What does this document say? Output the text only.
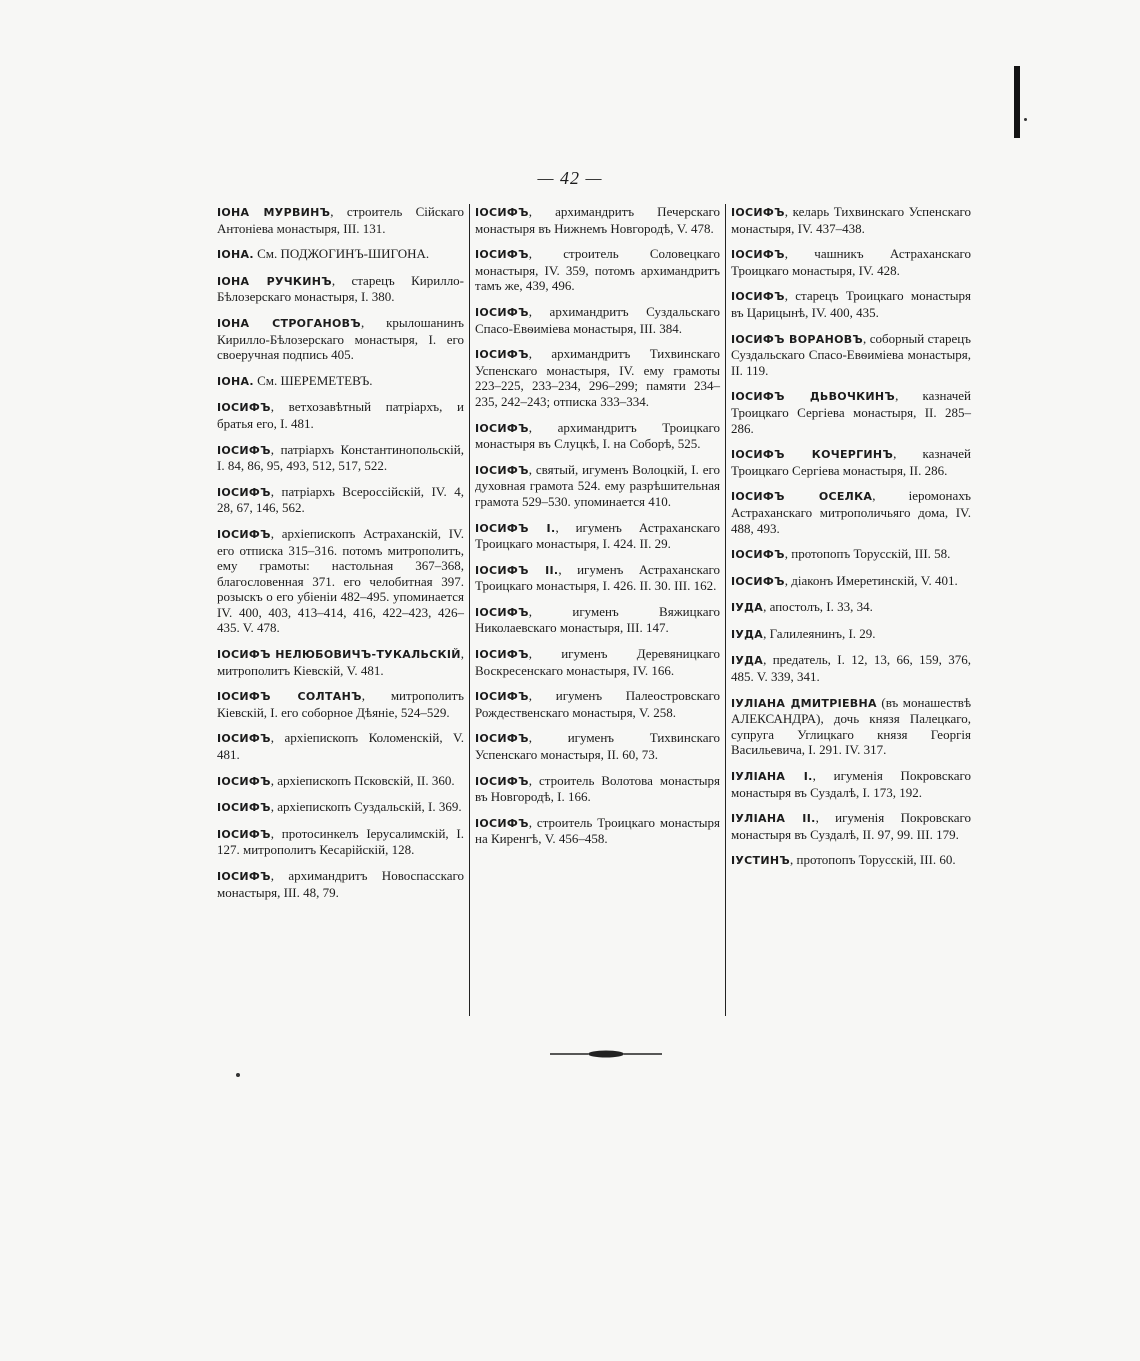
— 42 —

ІОНА МУРВИНЪ, строитель Сійскаго Антоніева монастыря, III. 131.

ІОНА. См. ПОДЖОГИНЪ-ШИГОНА.

ІОНА РУЧКИНЪ, старецъ Кирилло-Бѣлозерскаго монастыря, I. 380.

ІОНА СТРОГАНОВЪ, крылошанинъ Кирилло-Бѣлозерскаго монастыря, I. его своеручная подпись 405.

ІОНА. См. ШЕРЕМЕТЕВЪ.

ІОСИФЪ, ветхозавѣтный патріархъ, и братья его, I. 481.

ІОСИФЪ, патріархъ Константинопольскій, I. 84, 86, 95, 493, 512, 517, 522.

ІОСИФЪ, патріархъ Всероссійскій, IV. 4, 28, 67, 146, 562.

ІОСИФЪ, архіепископъ Астраханскій, IV. его отписка 315–316. потомъ митрополитъ, ему грамоты: настольная 367–368, благословенная 371. его челобитная 397. розыскъ о его убіеніи 482–495. упоминается IV. 400, 403, 413–414, 416, 422–423, 426–435. V. 478.

ІОСИФЪ НЕЛЮБОВИЧЪ-ТУКАЛЬСКІЙ, митрополитъ Кіевскій, V. 481.

ІОСИФЪ СОЛТАНЪ, митрополитъ Кіевскій, I. его соборное Дѣяніе, 524–529.

ІОСИФЪ, архіепископъ Коломенскій, V. 481.

ІОСИФЪ, архіепископъ Псковскій, II. 360.

ІОСИФЪ, архіепископъ Суздальскій, I. 369.

ІОСИФЪ, протосинкелъ Іерусалимскій, I. 127. митрополитъ Кесарійскій, 128.

ІОСИФЪ, архимандритъ Новоспасскаго монастыря, III. 48, 79.

ІОСИФЪ, архимандритъ Печерскаго монастыря въ Нижнемъ Новгородѣ, V. 478.

ІОСИФЪ, строитель Соловецкаго монастыря, IV. 359, потомъ архимандритъ тамъ же, 439, 496.

ІОСИФЪ, архимандритъ Суздальскаго Спасо-Евѳиміева монастыря, III. 384.

ІОСИФЪ, архимандритъ Тихвинскаго Успенскаго монастыря, IV. ему грамоты 223–225, 233–234, 296–299; памяти 234–235, 242–243; отписка 333–334.

ІОСИФЪ, архимандритъ Троицкаго монастыря въ Слуцкѣ, I. на Соборѣ, 525.

ІОСИФЪ, святый, игуменъ Волоцкій, I. его духовная грамота 524. ему разрѣшительная грамота 529–530. упоминается 410.

ІОСИФЪ I., игуменъ Астраханскаго Троицкаго монастыря, I. 424. II. 29.

ІОСИФЪ II., игуменъ Астраханскаго Троицкаго монастыря, I. 426. II. 30. III. 162.

ІОСИФЪ, игуменъ Вяжицкаго Николаевскаго монастыря, III. 147.

ІОСИФЪ, игуменъ Деревяницкаго Воскресенскаго монастыря, IV. 166.

ІОСИФЪ, игуменъ Палеостровскаго Рождественскаго монастыря, V. 258.

ІОСИФЪ, игуменъ Тихвинскаго Успенскаго монастыря, II. 60, 73.

ІОСИФЪ, строитель Волотова монастыря въ Новгородѣ, I. 166.

ІОСИФЪ, строитель Троицкаго монастыря на Киренгѣ, V. 456–458.

ІОСИФЪ, келарь Тихвинскаго Успенскаго монастыря, IV. 437–438.

ІОСИФЪ, чашникъ Астраханскаго Троицкаго монастыря, IV. 428.

ІОСИФЪ, старецъ Троицкаго монастыря въ Царицынѣ, IV. 400, 435.

ІОСИФЪ ВОРАНОВЪ, соборный старецъ Суздальскаго Спасо-Евѳиміева монастыря, II. 119.

ІОСИФЪ ДЬВОЧКИНЪ, казначей Троицкаго Сергіева монастыря, II. 285–286.

ІОСИФЪ КОЧЕРГИНЪ, казначей Троицкаго Сергіева монастыря, II. 286.

ІОСИФЪ ОСЕЛКА, іеромонахъ Астраханскаго митрополичьяго дома, IV. 488, 493.

ІОСИФЪ, протопопъ Торусскій, III. 58.

ІОСИФЪ, діаконъ Имеретинскій, V. 401.

ІУДА, апостолъ, I. 33, 34.

ІУДА, Галилеянинъ, I. 29.

ІУДА, предатель, I. 12, 13, 66, 159, 376, 485. V. 339, 341.

ІУЛІАНА ДМИТРІЕВНА (въ монашествѣ АЛЕКСАНДРА), дочь князя Палецкаго, супруга Углицкаго князя Георгія Васильевича, I. 291. IV. 317.

ІУЛІАНА I., игуменія Покровскаго монастыря въ Суздалѣ, I. 173, 192.

ІУЛІАНА II., игуменія Покровскаго монастыря въ Суздалѣ, II. 97, 99. III. 179.

ІУСТИНЪ, протопопъ Торусскій, III. 60.
